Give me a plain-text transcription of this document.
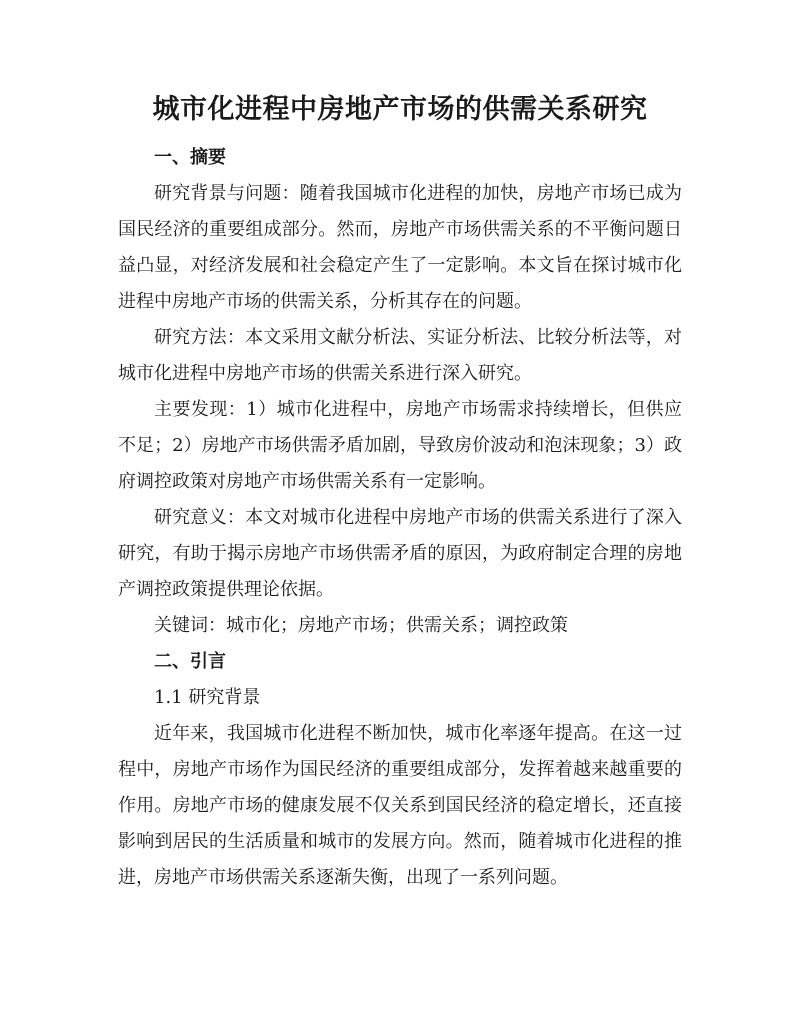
城市化进程中房地产市场的供需关系研究
一、摘要

研究背景与问题：随着我国城市化进程的加快，房地产市场已成为国民经济的重要组成部分。然而，房地产市场供需关系的不平衡问题日益凸显，对经济发展和社会稳定产生了一定影响。本文旨在探讨城市化进程中房地产市场的供需关系，分析其存在的问题。

研究方法：本文采用文献分析法、实证分析法、比较分析法等，对城市化进程中房地产市场的供需关系进行深入研究。

主要发现：1）城市化进程中，房地产市场需求持续增长，但供应不足；2）房地产市场供需矛盾加剧，导致房价波动和泡沫现象；3）政府调控政策对房地产市场供需关系有一定影响。

研究意义：本文对城市化进程中房地产市场的供需关系进行了深入研究，有助于揭示房地产市场供需矛盾的原因，为政府制定合理的房地产调控政策提供理论依据。

关键词：城市化；房地产市场；供需关系；调控政策

二、引言

1.1 研究背景

近年来，我国城市化进程不断加快，城市化率逐年提高。在这一过程中，房地产市场作为国民经济的重要组成部分，发挥着越来越重要的作用。房地产市场的健康发展不仅关系到国民经济的稳定增长，还直接影响到居民的生活质量和城市的发展方向。然而，随着城市化进程的推进，房地产市场供需关系逐渐失衡，出现了一系列问题。
